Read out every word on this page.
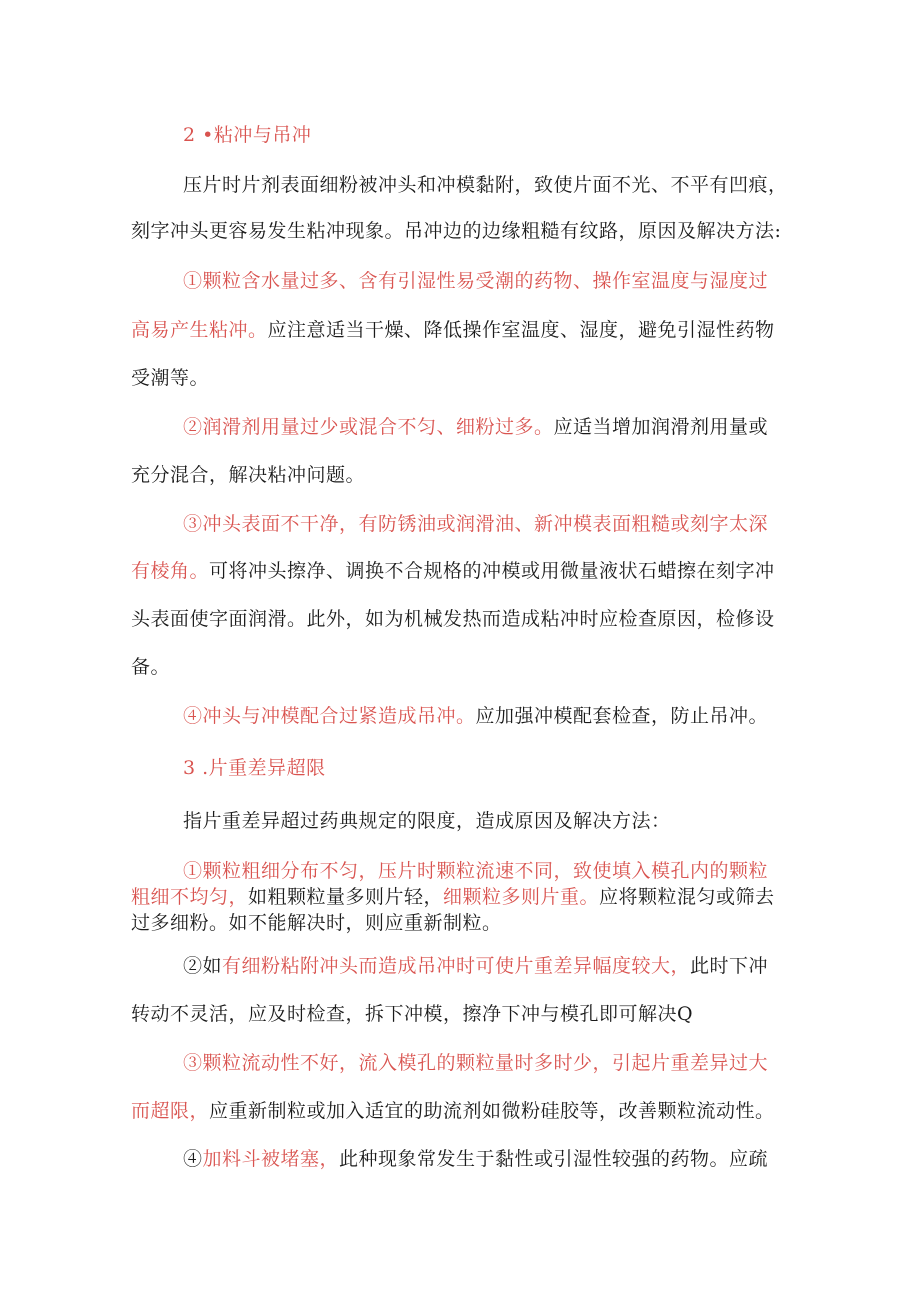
2 •粘冲与吊冲
压片时片剂表面细粉被冲头和冲模黏附，致使片面不光、不平有凹痕，
刻字冲头更容易发生粘冲现象。吊冲边的边缘粗糙有纹路，原因及解决方法:
①颗粒含水量过多、含有引湿性易受潮的药物、操作室温度与湿度过
高易产生粘冲。应注意适当干燥、降低操作室温度、湿度，避免引湿性药物
受潮等。
②润滑剂用量过少或混合不匀、细粉过多。应适当增加润滑剂用量或
充分混合，解决粘冲问题。
③冲头表面不干净，有防锈油或润滑油、新冲模表面粗糙或刻字太深
有棱角。可将冲头擦净、调换不合规格的冲模或用微量液状石蜡擦在刻字冲
头表面使字面润滑。此外，如为机械发热而造成粘冲时应检查原因，检修设
备。
④冲头与冲模配合过紧造成吊冲。应加强冲模配套检查，防止吊冲。
3 .片重差异超限
指片重差异超过药典规定的限度，造成原因及解决方法：
①颗粒粗细分布不匀，压片时颗粒流速不同，致使填入模孔内的颗粒
粗细不均匀，如粗颗粒量多则片轻，细颗粒多则片重。应将颗粒混匀或筛去
过多细粉。如不能解决时，则应重新制粒。
②如有细粉粘附冲头而造成吊冲时可使片重差异幅度较大，此时下冲
转动不灵活，应及时检查，拆下冲模，擦净下冲与模孔即可解决Q
③颗粒流动性不好，流入模孔的颗粒量时多时少，引起片重差异过大
而超限，应重新制粒或加入适宜的助流剂如微粉硅胶等，改善颗粒流动性。
④加料斗被堵塞，此种现象常发生于黏性或引湿性较强的药物。应疏
